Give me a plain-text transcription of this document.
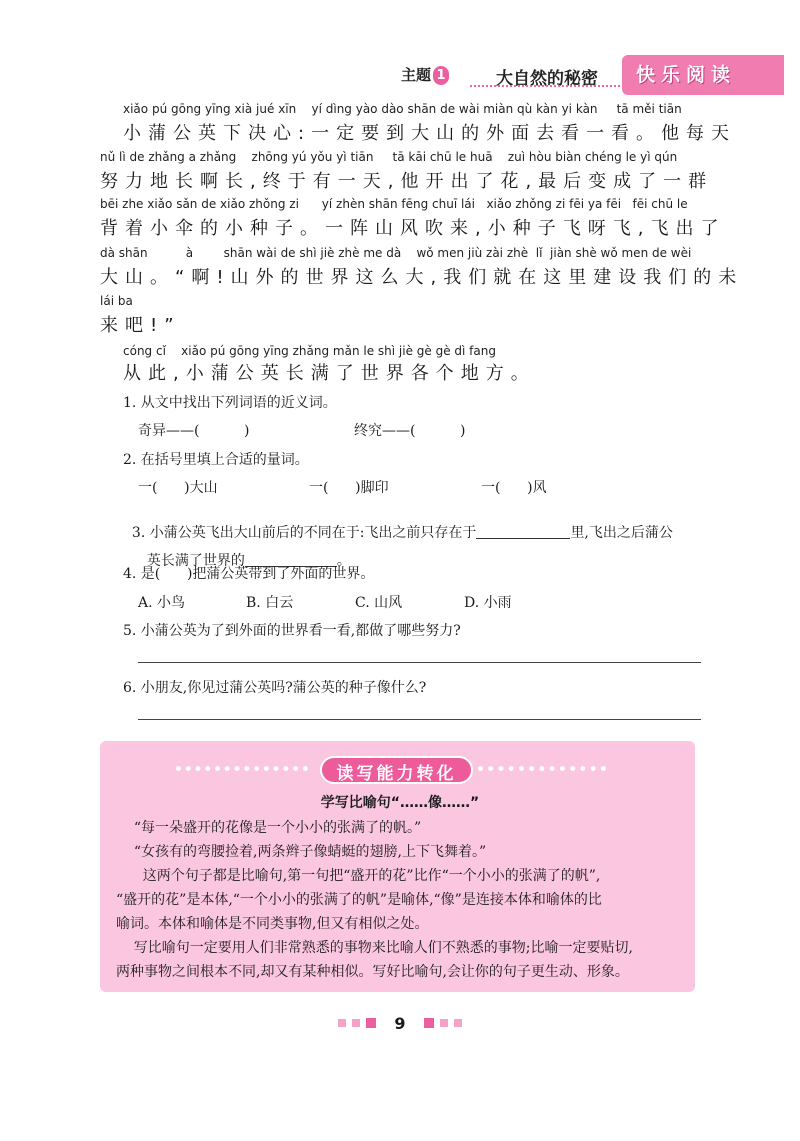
主题 1	大自然的秘密 快乐阅读
xiǎo pú gōng yīng xià jué xīn    yí dìng yào dào shān de wài miàn qù kàn yi kàn     tā měi tiān
小蒲公英下决心:一定要到大山的外面去看一看。他每天
nǔ lì de zhǎng a zhǎng    zhōng yú yǒu yì tiān     tā kāi chū le huā    zuì hòu biàn chéng le yì qún
努力地长啊长,终于有一天,他开出了花,最后变成了一群
bēi zhe xiǎo sǎn de xiǎo zhǒng zi      yí zhèn shān fēng chuī lái   xiǎo zhǒng zi fēi ya fēi   fēi chū le
背着小伞的小种子。一阵山风吹来,小种子飞呀飞,飞出了
dà shān          à        shān wài de shì jiè zhè me dà    wǒ men jiù zài zhè  lǐ  jiàn shè wǒ men de wèi
大山。“啊!山外的世界这么大,我们就在这里建设我们的未
lái ba
来吧!”
cóng cǐ    xiǎo pú gōng yīng zhǎng mǎn le shì jiè gè gè dì fang
从此,小蒲公英长满了世界各个地方。
1. 从文中找出下列词语的近义词。
奇异——(          )	终究——(          )
2. 在括号里填上合适的量词。
一(      )大山	一(      )脚印	一(      )风

3. 小蒲公英飞出大山前后的不同在于:飞出之前只存在于	里,飞出之后蒲公

英长满了世界的	。

4. 是(      )把蒲公英带到了外面的世界。
A. 小鸟	B. 白云	C. 山风	D. 小雨
5. 小蒲公英为了到外面的世界看一看,都做了哪些努力?
6. 小朋友,你见过蒲公英吗?蒲公英的种子像什么?
读写能力转化
学写比喻句“……像……”
“每一朵盛开的花像是一个小小的张满了的帆。”
“女孩有的弯腰捡着,两条辫子像蜻蜓的翅膀,上下飞舞着。”
这两个句子都是比喻句,第一句把“盛开的花”比作“一个小小的张满了的帆”,
“盛开的花”是本体,“一个小小的张满了的帆”是喻体,“像”是连接本体和喻体的比
喻词。本体和喻体是不同类事物,但又有相似之处。
写比喻句一定要用人们非常熟悉的事物来比喻人们不熟悉的事物;比喻一定要贴切,
两种事物之间根本不同,却又有某种相似。写好比喻句,会让你的句子更生动、形象。
9
